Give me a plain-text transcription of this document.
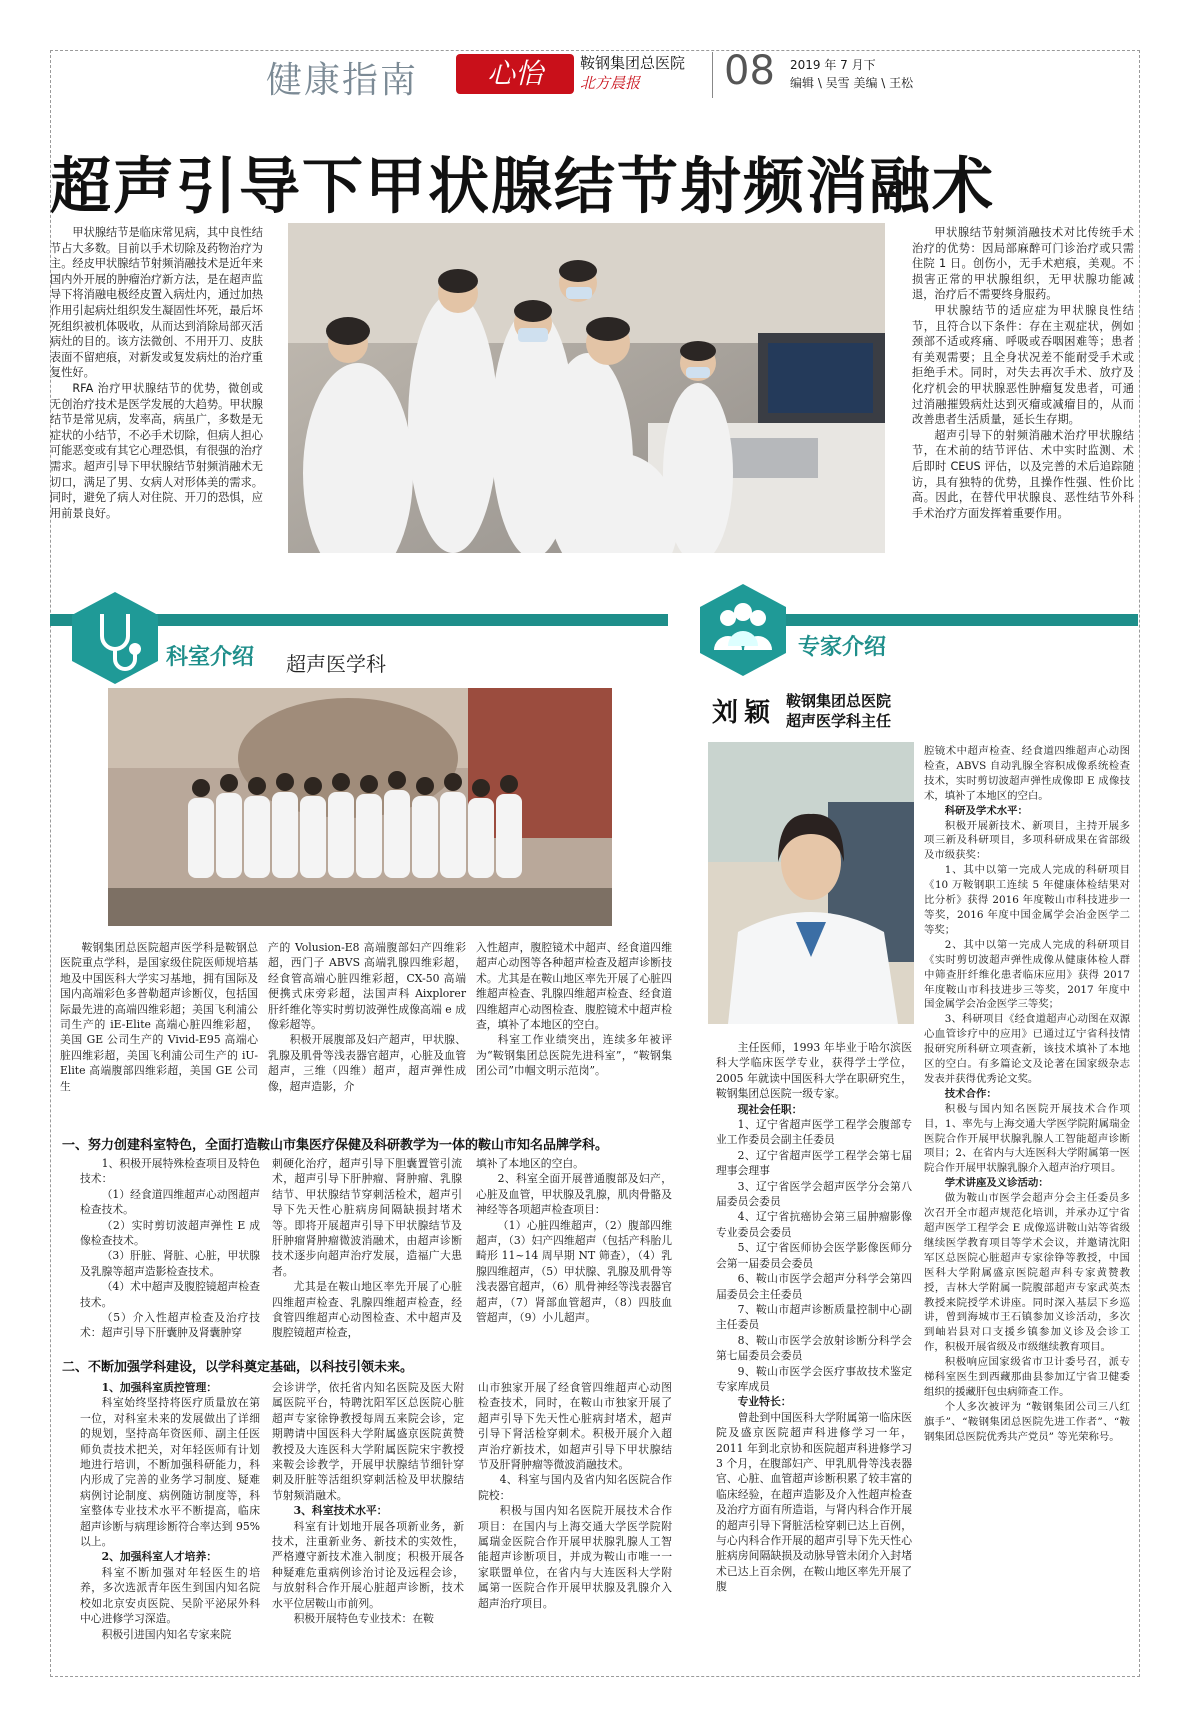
健康指南	心怡	鞍钢集团总医院
北方晨报 08 2019 年 7 月下
编辑 \ 吴雪 美编 \ 王松
超声引导下甲状腺结节射频消融术

甲状腺结节是临床常见病，其中良性结节占大多数。目前以手术切除及药物治疗为主。经皮甲状腺结节射频消融技术是近年来国内外开展的肿瘤治疗新方法，是在超声监导下将消融电极经皮置入病灶内，通过加热作用引起病灶组织发生凝固性坏死，最后坏死组织被机体吸收，从而达到消除局部灭活病灶的目的。该方法微创、不用开刀、皮肤表面不留疤痕，对新发或复发病灶的治疗重复性好。

RFA 治疗甲状腺结节的优势，微创或无创治疗技术是医学发展的大趋势。甲状腺结节是常见病，发率高，病虽广，多数是无症状的小结节，不必手术切除，但病人担心可能恶变或有其它心理恐惧，有很强的治疗需求。超声引导下甲状腺结节射频消融术无切口，满足了男、女病人对形体美的需求。同时，避免了病人对住院、开刀的恐惧，应用前景良好。

甲状腺结节射频消融技术对比传统手术治疗的优势：因局部麻醉可门诊治疗或只需住院 1 日。创伤小，无手术疤痕，美观。不损害正常的甲状腺组织，无甲状腺功能减退，治疗后不需要终身服药。

甲状腺结节的适应症为甲状腺良性结节，且符合以下条件：存在主观症状，例如颈部不适或疼痛、呼吸或吞咽困难等；患者有美观需要；且全身状况差不能耐受手术或拒绝手术。同时，对失去再次手术、放疗及化疗机会的甲状腺恶性肿瘤复发患者，可通过消融摧毁病灶达到灭瘤或减瘤目的，从而改善患者生活质量，延长生存期。

超声引导下的射频消融术治疗甲状腺结节，在术前的结节评估、术中实时监测、术后即时 CEUS 评估，以及完善的术后追踪随访，具有独特的优势，且操作性强、性价比高。因此，在替代甲状腺良、恶性结节外科手术治疗方面发挥着重要作用。

科室介绍 超声医学科

鞍钢集团总医院超声医学科是鞍钢总医院重点学科，是国家级住院医师规培基地及中国医科大学实习基地，拥有国际及国内高端彩色多普勒超声诊断仪，包括国际最先进的高端四维彩超；美国飞利浦公司生产的 iE-Elite 高端心脏四维彩超，美国 GE 公司生产的 Vivid-E95 高端心脏四维彩超，美国飞利浦公司生产的 iU-Elite 高端腹部四维彩超，美国 GE 公司生

产的 Volusion-E8 高端腹部妇产四维彩超，西门子 ABVS 高端乳腺四维彩超，经食管高端心脏四维彩超，CX-50 高端便携式床旁彩超，法国声科 Aixplorer 肝纤维化等实时剪切波弹性成像高端 e 成像彩超等。

积极开展腹部及妇产超声，甲状腺、乳腺及肌骨等浅表器官超声，心脏及血管超声，三维（四维）超声，超声弹性成像，超声造影，介

入性超声，腹腔镜术中超声、经食道四维超声心动图等各种超声检查及超声诊断技术。尤其是在鞍山地区率先开展了心脏四维超声检查、乳腺四维超声检查、经食道四维超声心动图检查、腹腔镜术中超声检查，填补了本地区的空白。

科室工作业绩突出，连续多年被评为“鞍钢集团总医院先进科室”，“鞍钢集团公司”巾帼文明示范岗”。

一、努力创建科室特色，全面打造鞍山市集医疗保健及科研教学为一体的鞍山市知名品牌学科。

1、积极开展特殊检查项目及特色技术：

（1）经食道四维超声心动图超声检查技术。

（2）实时剪切波超声弹性 E 成像检查技术。

（3）肝脏、肾脏、心脏，甲状腺及乳腺等超声造影检查技术。

（4）术中超声及腹腔镜超声检查技术。

（5）介入性超声检查及治疗技术：超声引导下肝囊肿及肾囊肿穿

刺硬化治疗，超声引导下胆囊置管引流术，超声引导下肝肿瘤、肾肿瘤、乳腺结节、甲状腺结节穿刺活检术，超声引导下先天性心脏病房间隔缺损封堵术等。即将开展超声引导下甲状腺结节及肝肿瘤肾肿瘤微波消融术，由超声诊断技术逐步向超声治疗发展，造福广大患者。

尤其是在鞍山地区率先开展了心脏四维超声检查、乳腺四维超声检查，经食管四维超声心动图检查、术中超声及腹腔镜超声检查，

填补了本地区的空白。

2、科室全面开展普通腹部及妇产，心脏及血管，甲状腺及乳腺，肌肉骨骼及神经等各项超声检查项目：

（1）心脏四维超声，（2）腹部四维超声，（3）妇产四维超声（包括产科胎儿畸形 11~14 周早期 NT 筛查），（4）乳腺四维超声，（5）甲状腺、乳腺及肌骨等浅表器官超声，（6）肌骨神经等浅表器官超声，（7）肾部血管超声，（8）四肢血管超声，（9）小儿超声。

二、不断加强学科建设，以学科奠定基础，以科技引领未来。

1、加强科室质控管理：

科室始终坚持将医疗质量放在第一位，对科室未来的发展做出了详细的规划，坚持高年资医师、副主任医师负责技术把关，对年轻医师有计划地进行培训，不断加强科研能力，科内形成了完善的业务学习制度、疑难病例讨论制度、病例随访制度等，科室整体专业技术水平不断提高，临床超声诊断与病理诊断符合率达到 95%以上。

2、加强科室人才培养：

科室不断加强对年轻医生的培养，多次选派青年医生到国内知名院校如北京安贞医院、吴阶平泌尿外科中心进修学习深造。

积极引进国内知名专家来院

会诊讲学，依托省内知名医院及医大附属医院平台，特聘沈阳军区总医院心脏超声专家徐铮教授每周五来院会诊，定期聘请中国医科大学附属盛京医院黄赞教授及大连医科大学附属医院宋宇教授来鞍会诊教学，开展甲状腺结节细针穿刺及肝脏等活组织穿刺活检及甲状腺结节射频消融术。

3、科室技术水平：

科室有计划地开展各项新业务，新技术，注重新业务、新技术的实效性，严格遵守新技术准入制度；积极开展各种疑难危重病例诊治讨论及远程会诊，与放射科合作开展心脏超声诊断，技术水平位居鞍山市前列。

积极开展特色专业技术：在鞍

山市独家开展了经食管四维超声心动图检查技术，同时，在鞍山市独家开展了超声引导下先天性心脏病封堵术，超声引导下肾活检穿刺术。积极开展介入超声治疗新技术，如超声引导下甲状腺结节及肝肾肿瘤等微波消融技术。

4、科室与国内及省内知名医院合作院校：

积极与国内知名医院开展技术合作项目：在国内与上海交通大学医学院附属瑞金医院合作开展甲状腺乳腺人工智能超声诊断项目，并成为鞍山市唯一一家联盟单位，在省内与大连医科大学附属第一医院合作开展甲状腺及乳腺介入超声治疗项目。

专家介绍
刘颖 鞍钢集团总医院
超声医学科主任

主任医师，1993 年毕业于哈尔滨医科大学临床医学专业，获得学士学位，2005 年就读中国医科大学在职研究生，鞍钢集团总医院一级专家。

现社会任职：

1、辽宁省超声医学工程学会腹部专业工作委员会副主任委员

2、辽宁省超声医学工程学会第七届理事会理事

3、辽宁省医学会超声医学分会第八届委员会委员

4、辽宁省抗癌协会第三届肿瘤影像专业委员会委员

5、辽宁省医师协会医学影像医师分会第一届委员会委员

6、鞍山市医学会超声分科学会第四届委员会主任委员

7、鞍山市超声诊断质量控制中心副主任委员

8、鞍山市医学会放射诊断分科学会第七届委员会委员

9、鞍山市医学会医疗事故技术鉴定专家库成员

专业特长：

曾赴到中国医科大学附属第一临床医院及盛京医院超声科进修学习一年，2011 年到北京协和医院超声科进修学习 3 个月，在腹部妇产、甲乳肌骨等浅表器官、心脏、血管超声诊断积累了较丰富的临床经验，在超声造影及介入性超声检查及治疗方面有所造诣，与肾内科合作开展的超声引导下肾脏活检穿刺已达上百例，与心内科合作开展的超声引导下先天性心脏病房间隔缺损及动脉导管未闭介入封堵术已达上百余例，在鞍山地区率先开展了腹

腔镜术中超声检查、经食道四维超声心动图检查，ABVS 自动乳腺全容积成像系统检查技术，实时剪切波超声弹性成像即 E 成像技术，填补了本地区的空白。

科研及学术水平：

积极开展新技术、新项目，主持开展多项三新及科研项目，多项科研成果在省部级及市级获奖：

1、其中以第一完成人完成的科研项目《10 万鞍钢职工连续 5 年健康体检结果对比分析》获得 2016 年度鞍山市科技进步一等奖，2016 年度中国金属学会冶金医学二等奖；

2、其中以第一完成人完成的科研项目《实时剪切波超声弹性成像从健康体检人群中筛查肝纤维化患者临床应用》获得 2017 年度鞍山市科技进步三等奖，2017 年度中国金属学会冶金医学三等奖；

3、科研项目《经食道超声心动图在双源心血管诊疗中的应用》已通过辽宁省科技情报研究所科研立项查新，该技术填补了本地区的空白。有多篇论文及论著在国家级杂志发表并获得优秀论文奖。

技术合作：

积极与国内知名医院开展技术合作项目，1、率先与上海交通大学医学院附属瑞金医院合作开展甲状腺乳腺人工智能超声诊断项目；2、在省内与大连医科大学附属第一医院合作开展甲状腺乳腺介入超声治疗项目。

学术讲座及义诊活动：

做为鞍山市医学会超声分会主任委员多次召开全市超声规范化培训，并承办辽宁省超声医学工程学会 E 成像巡讲鞍山站等省级继续医学教育项目等学术会议，并邀请沈阳军区总医院心脏超声专家徐铮等教授，中国医科大学附属盛京医院超声科专家黄赞教授，吉林大学附属一院腹部超声专家武英杰教授来院授学术讲座。同时深入基层下乡巡讲，曾到海城市王石镇参加义诊活动，多次到岫岩县对口支援乡镇参加义诊及会诊工作，积极开展省级及市级继续教育项目。

积极响应国家级省市卫计委号召，派专梯科室医生到西藏那曲县参加辽宁省卫健委组织的援藏肝包虫病筛查工作。

个人多次被评为 “鞍钢集团公司三八红旗手”、“鞍钢集团总医院先进工作者”、“鞍钢集团总医院优秀共产党员” 等光荣称号。
